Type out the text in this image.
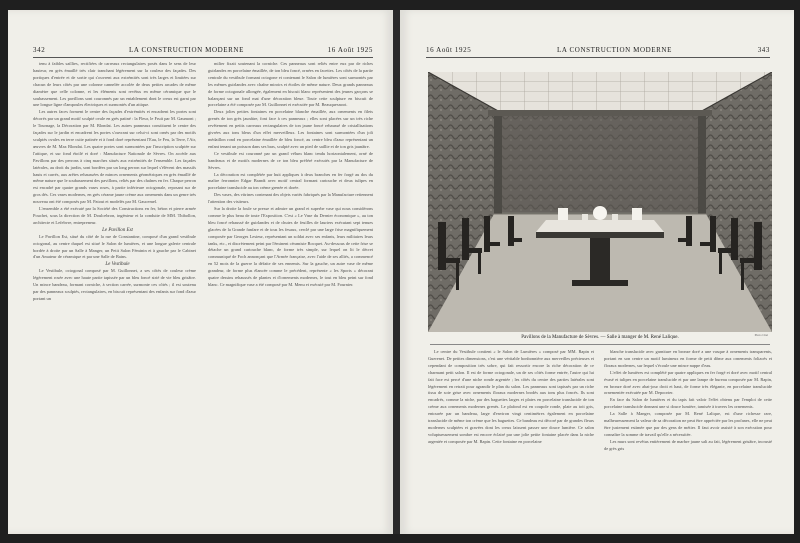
342	LA CONSTRUCTION MODERNE	16 Août 1925

tenu à faibles saillies, rectifiées de carreaux rectangulaires posés dans le sens de leur hauteur, en grès émaillé très clair tranchant légèrement sur la couleur des façades. Des portiques d'entrée et de sortie qui s'ouvrent aux extrémités sont très larges et limitées sur chacun de leurs côtés par une colonne cannelée accolée de deux petites arcades de même diamètre que celle colonne, et les éléments sont revêtus en même céramique que le soubassement. Les pavillons sont couronnés par un entablement dont le creux est garni par une longue ligne d'ampoules électriques et surmontés d'un attique.

Les autres faces forment le centre des façades d'extrémités et encadrent les portes sont décorés par un grand motif sculpté ovale en grès patiné : la Fleur, le Fruit par M. Gaumont ; le Tournage, la Décoration par M. Blondat. Les autres panneaux constituent le centre des façades sur le jardin et encadrent les portes s'ouvrant sur celui-ci sont ornés par des motifs sculptés ovales en terre cuite patinée et à fond doré représentant l'Eau, le Feu, la Terre, l'Air, œuvres de M. Max Blondat. Les quatre portes sont surmontées par l'inscription sculptée sur l'attique, et sur fond étoilé et doré : Manufacture Nationale de Sèvres. On accède aux Pavillons par des perrons à cinq marches situés aux extrémités de l'ensemble. Les façades latérales, au droit du jardin, sont bordées par un long perron sur lequel s'élèvent des massifs hauts et carrés, aux arêtes rehaussées de minces ornements géométriques en grès émaillé de même nature que le soubassement des pavillons, reliés par des chaînes en fer. Chaque perron est encadré par quatre grands vases roses, à partie inférieure octogonale, reposant sur de gros dés. Ces vases modernes, en grès cérame jaune crème aux ornements dans un genre très nouveau ont été composés par M. Patout et modelés par M. Gaucemel.

L'ensemble a été exécuté par la Société des Constructions en fer, béton et pierre armée Pouchet, sous la direction de M. Doulcebron, ingénieur et la conduite de MM. Thibollon, architecte et Lefebvre, entrepreneur.

Le Pavillon Est

Le Pavillon Est, situé du côté de la rue de Constantine, composé d'un grand vestibule octogonal, au centre duquel est situé le Salon de lumières, et une longue galerie centrale bordée à droite par un Salle à Manger, un Petit Salon Féminin et à gauche par le Cabinet d'un Amateur de céramique et par une Salle de Bains.

Le Vestibule

Le Vestibule, octogonal composé par M. Guillonnet, a ses côtés de couleur crème légèrement rosée avec une haute partie tapissée par un bleu foncé strié de vie bleu grisâtre. Un mince bandeau, formant corniche, à section carrée, surmonte ces côtés ; il est soutenu par des panneaux sculptés, rectangulaires, en biscuit représentant des enfants sur fond d'azur portant un

milier fixait soutenant la corniche. Ces panneaux sont reliés entre eux par de riches guirlandes en porcelaine émaillée, de ton bleu foncé, ornées en facettes. Les côtés de la partie centrale du vestibule formant octogone et contenant le Salon de lumières sont surmontés par les mêmes guirlandes avec chaîne miroirs et étoiles de même nature. Deux grands panneaux de forme octogonale allongée, également en biscuit blanc représentent des jeunes garçons se balançant sur un fond mat d'une décoration bleue. Toute cette sculpture en biscuit de porcelaine a été composée par M. Guillonnet et exécutée par M. Beauquesnoot.

Deux jolies petites fontaines en porcelaine blanche émaillée, aux ornements en filets grenés de ton grès jaunâtre, font face à ces panneaux ; elles sont placées sur un très riche revêtement en petits carreaux rectangulaires de ton jaune foncé rehaussé de cristallisations givrées aux tons bleus d'un effet merveilleux. Les fontaines sont surmontées d'un joli médaillon rond en porcelaine émaillée de bleu foncé, au centre bleu d'azur représentant un enfant tenant un poisson dans ses bras, sculpté avec un pied de saillie et de ton gris jaunâtre.

Ce vestibule est couronné par un grand vélum blanc tendu horizontalement, orné de bandeaux et de motifs modernes de ce ton bleu préféré exécutés par la Manufacture de Sèvres.

La décoration est complétée par huit appliques à deux branches en fer forgé au dos du maître ferronnier Edgar Brandt avec motif central formant cartouche et deux tulipes en porcelaine translucide au ton crème grenée et dorée.

Des vases, des vitrines contenant des objets variés fabriqués par la Manufacture retiennent l'attention des visiteurs.

Sur la droite la foule se presse et admire un grand et superbe vase qui nous considérons comme le plus beau de toute l'Exposition. C'est « Le Vase du Dernier économique », au ton bleu foncé rehaussé de guirlandes et de chutes de feuilles de lauriers exécutant sept tenues glacées de la Grande fanfare et de tous les fesaux, cerclé par une large frise magnifiquement composée par Georges Lesieur, représentant un soldat avec ses enfants, leurs militaires leurs tanks, etc., et discrètement peint par l'éminent céramiste Bocquet. Au-dessous de cette frise se détache un grand cartouche blanc, de forme très simple, sur lequel on lit le décret communiqué de Foch annonçant que l'Armée française, avec l'aide de ses alliés, a commencé en 52 mois de la guerre la défaite de ses ennemis. Sur la gauche, un autre vase de même grandeur, de forme plus élancée comme le précédent, représente « les Sports » décorant quatre dessins rehaussés de plantes et d'ornements modernes, le tout en bleu peint sur fond blanc. Ce magnifique vase a été composé par M. Menu et exécuté par M. Fournier.

16 Août 1925	LA CONSTRUCTION MODERNE	343
Pavillons de la Manufacture de Sèvres. — Salle à manger de M. René Lalique.	Photo Ciné

Le centre du Vestibule contient « le Salon de Lumières » composé par MM. Rapin et Guerenet. De petites dimensions, c'est une véritable bonbonnière aux merveilles précieuses et cependant de composition très sobre, qui fait ressortir encore la riche décoration de ce charmant petit salon. Il est de forme octogonale, un de ses côtés forme entrée, l'autre qui lui fait face est percé d'une niche ronde argentée ; les côtés du centre des parties latérales sont légèrement en retrait pour agrandir le plan du salon. Les panneaux sont tapissés par un riche tissu de soie grise avec ornements floraux modernes brodés aux tons plus foncés. Ils sont encadrés, comme la niche, par des baguettes larges et plates en porcelaine translucide de ton crème aux ornements modernes grenés. Le plafond est en coupole ronde, plate au toit gris, entourée par un bandeau, large d'environ vingt centimètres également en porcelaine translucide de même ton crème que les baguettes. Ce bandeau est décoré par de grandes fleurs modernes sculptées et gravées dont les creux laissent passer une douce lumière. Ce salon voluptueusement sombre est encore éclairé par une jolie petite fontaine placée dans la niche argentée et composée par M. Rapin. Cette fontaine en porcelaine

blanche translucide avec garniture en bronze doré a une vasque à ornements transparents, portant en son centre un motif lumineux en forme de petit dôme aux ornements foliacés et floraux modernes, sur lequel s'écoule une mince nappe d'eau.

L'effet de lumières est complété par quatre appliques en fer forgé et doré avec motif central évasé et tulipes en porcelaine translucide et par une lampe de bureau composée par M. Rapin, en bronze doré avec abat-jour droit et haut, de forme très élégante, en porcelaine translucide ornementée exécutée par M. Depoorter.

En face du Salon de lumières et du tapis fait valoir l'effet obtenu par l'emploi de cette porcelaine translucide donnant une si douce lumière, tamisée à travers les ornements.

La Salle à Manger, composée par M. René Lalique, est d'une richesse rare, malheureusement la valeur de sa décoration ne peut être appréciée par les profanes, elle ne peut être justement estimée que par des gens de métier. Il faut avoir assisté à son exécution pour connaître la somme de travail qu'elle a nécessitée.

Les murs sont revêtus entièrement de marbre jaune sali au fait, légèrement grisâtre, incrusté de grès gris
